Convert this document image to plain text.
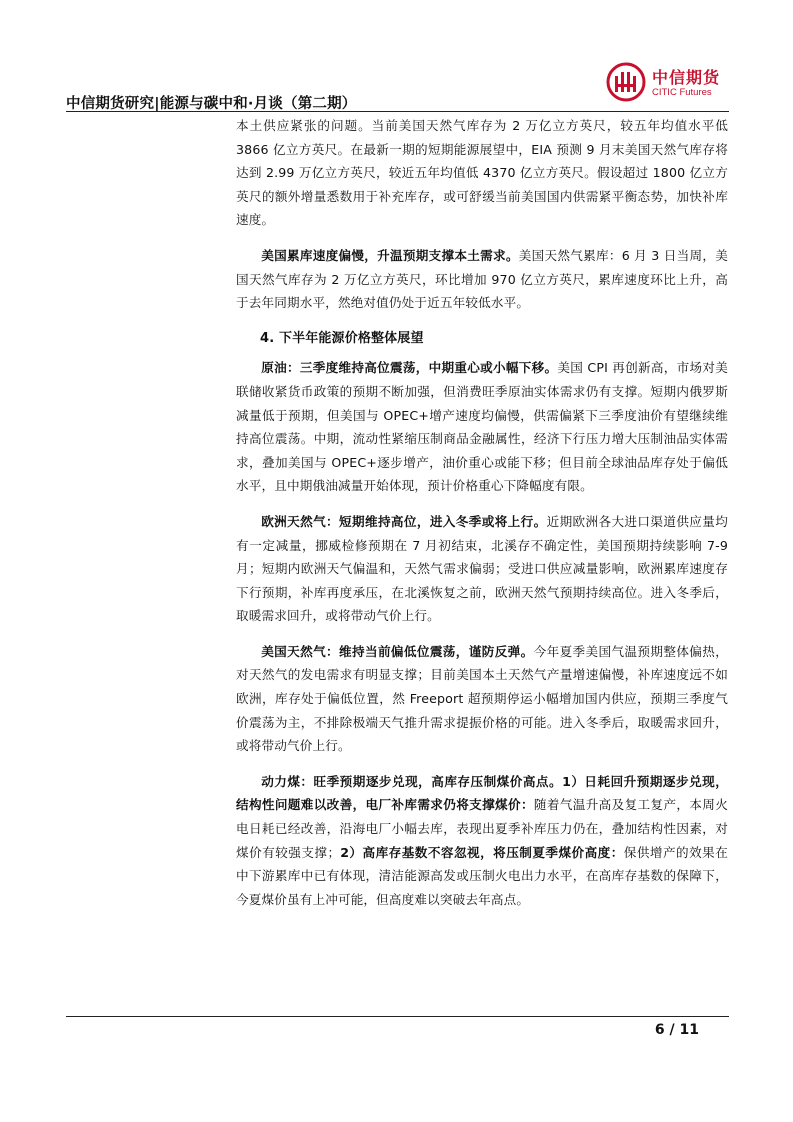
中信期货研究|能源与碳中和·月谈（第二期）
中信期货
CITIC Futures

本土供应紧张的问题。当前美国天然气库存为 2 万亿立方英尺，较五年均值水平低 3866 亿立方英尺。在最新一期的短期能源展望中，EIA 预测 9 月末美国天然气库存将达到 2.99 万亿立方英尺，较近五年均值低 4370 亿立方英尺。假设超过 1800 亿立方英尺的额外增量悉数用于补充库存，或可舒缓当前美国国内供需紧平衡态势，加快补库速度。

美国累库速度偏慢，升温预期支撑本土需求。美国天然气累库：6 月 3 日当周，美国天然气库存为 2 万亿立方英尺，环比增加 970 亿立方英尺，累库速度环比上升，高于去年同期水平，然绝对值仍处于近五年较低水平。

4. 下半年能源价格整体展望

原油：三季度维持高位震荡，中期重心或小幅下移。美国 CPI 再创新高，市场对美联储收紧货币政策的预期不断加强，但消费旺季原油实体需求仍有支撑。短期内俄罗斯减量低于预期，但美国与 OPEC+增产速度均偏慢，供需偏紧下三季度油价有望继续维持高位震荡。中期，流动性紧缩压制商品金融属性，经济下行压力增大压制油品实体需求，叠加美国与 OPEC+逐步增产，油价重心或能下移；但目前全球油品库存处于偏低水平，且中期俄油减量开始体现，预计价格重心下降幅度有限。

欧洲天然气：短期维持高位，进入冬季或将上行。近期欧洲各大进口渠道供应量均有一定减量，挪威检修预期在 7 月初结束，北溪存不确定性，美国预期持续影响 7-9 月；短期内欧洲天气偏温和，天然气需求偏弱；受进口供应减量影响，欧洲累库速度存下行预期，补库再度承压，在北溪恢复之前，欧洲天然气预期持续高位。进入冬季后，取暖需求回升，或将带动气价上行。

美国天然气：维持当前偏低位震荡，谨防反弹。今年夏季美国气温预期整体偏热，对天然气的发电需求有明显支撑；目前美国本土天然气产量增速偏慢，补库速度远不如欧洲，库存处于偏低位置，然 Freeport 超预期停运小幅增加国内供应，预期三季度气价震荡为主，不排除极端天气推升需求提振价格的可能。进入冬季后，取暖需求回升，或将带动气价上行。

动力煤：旺季预期逐步兑现，高库存压制煤价高点。1）日耗回升预期逐步兑现，结构性问题难以改善，电厂补库需求仍将支撑煤价：随着气温升高及复工复产，本周火电日耗已经改善，沿海电厂小幅去库，表现出夏季补库压力仍在，叠加结构性因素，对煤价有较强支撑；2）高库存基数不容忽视，将压制夏季煤价高度：保供增产的效果在中下游累库中已有体现，清洁能源高发或压制火电出力水平，在高库存基数的保障下，今夏煤价虽有上冲可能，但高度难以突破去年高点。

6 / 11
